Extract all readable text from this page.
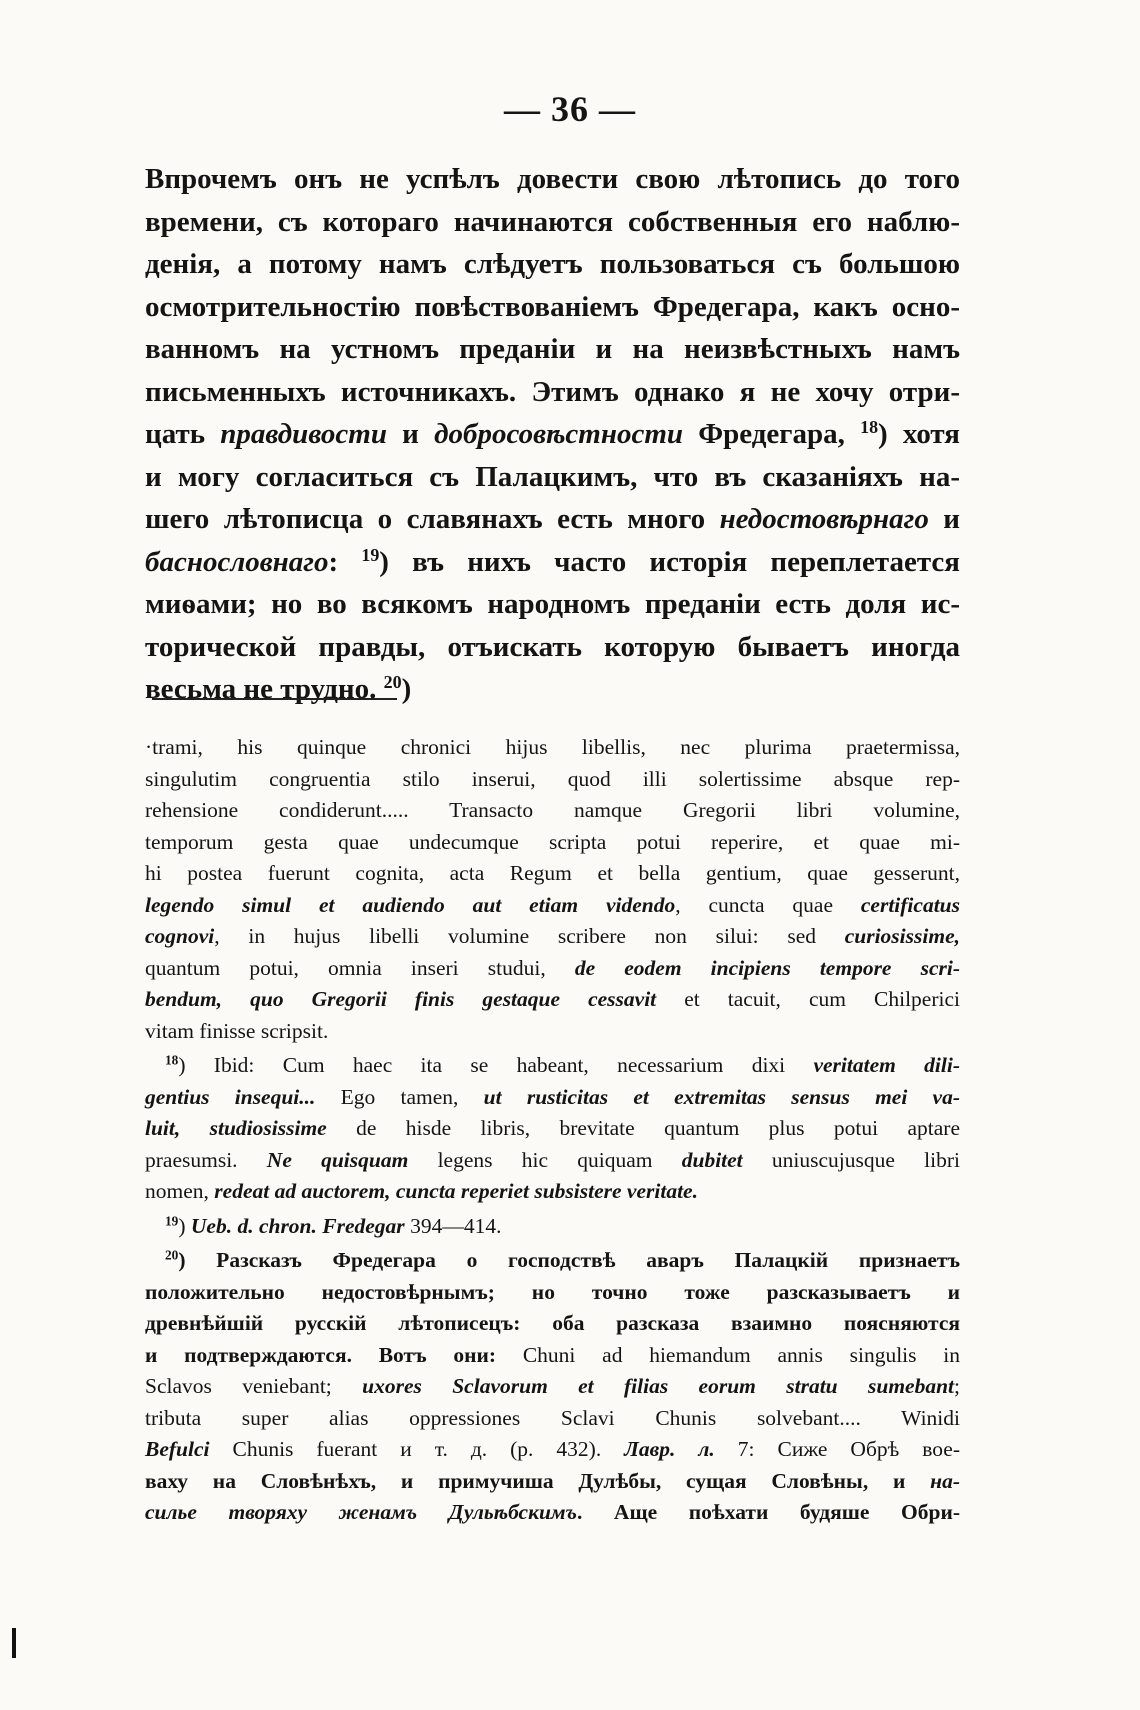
— 36 —
Впрочемъ онъ не успѣлъ довести свою лѣтопись до того
времени, съ котораго начинаются собственныя его наблю-
денія, а потому намъ слѣдуетъ пользоваться съ большою
осмотрительностію повѣствованіемъ Фредегара, какъ осно-
ванномъ на устномъ преданіи и на неизвѣстныхъ намъ
письменныхъ источникахъ. Этимъ однако я не хочу отри-
цать правдивости и добросовѣстности Фредегара, $^{18}$) хотя
и могу согласиться съ Палацкимъ, что въ сказаніяхъ на-
шего лѣтописца о славянахъ есть много недостовѣрнаго и
баснословнаго: $^{19}$) въ нихъ часто исторія переплетается
миѳами; но во всякомъ народномъ преданіи есть доля ис-
торической правды, отъискать которую бываетъ иногда
весьма не трудно. $^{20}$)
·trami, his quinque chronici hijus libellis, nec plurima praetermissa,
singulutim congruentia stilo inserui, quod illi solertissime absque rep-
rehensione condiderunt..... Transacto namque Gregorii libri volumine,
temporum gesta quae undecumque scripta potui reperire, et quae mi-
hi postea fuerunt cognita, acta Regum et bella gentium, quae gesserunt,
legendo simul et audiendo aut etiam videndo, cuncta quae certificatus
cognovi, in hujus libelli volumine scribere non silui: sed curiosissime,
quantum potui, omnia inseri studui, de eodem incipiens tempore scri-
bendum, quo Gregorii finis gestaque cessavit et tacuit, cum Chilperici
vitam finisse scripsit.
$^{18}$) Ibid: Cum haec ita se habeant, necessarium dixi veritatem dili-
gentius insequi... Ego tamen, ut rusticitas et extremitas sensus mei va-
luit, studiosissime de hisde libris, brevitate quantum plus potui aptare
praesumsi. Ne quisquam legens hic quiquam dubitet uniuscujusque libri
nomen, redeat ad auctorem, cuncta reperiet subsistere veritate.
$^{19}$) Ueb. d. chron. Fredegar 394—414.
$^{20}$) Разсказъ Фредегара о господствѣ аваръ Палацкій признаетъ
положительно недостовѣрнымъ; но точно тоже разсказываетъ и
древнѣйшій русскій лѣтописецъ: оба разсказа взаимно поясняются
и подтверждаются. Вотъ они: Chuni ad hiemandum annis singulis in
Sclavos veniebant; uxores Sclavorum et filias eorum stratu sumebant;
tributa super alias oppressiones Sclavi Chunis solvebant.... Winidi
Befulci Chunis fuerant и т. д. (p. 432). Лавр. л. 7: Сиже Обрѣ вое-
ваху на Словѣнѣхъ, и примучиша Дулѣбы, сущая Словѣны, и на-
силье творяху женамъ Дульѣбскимъ. Аще поѣхати будяше Обри-
